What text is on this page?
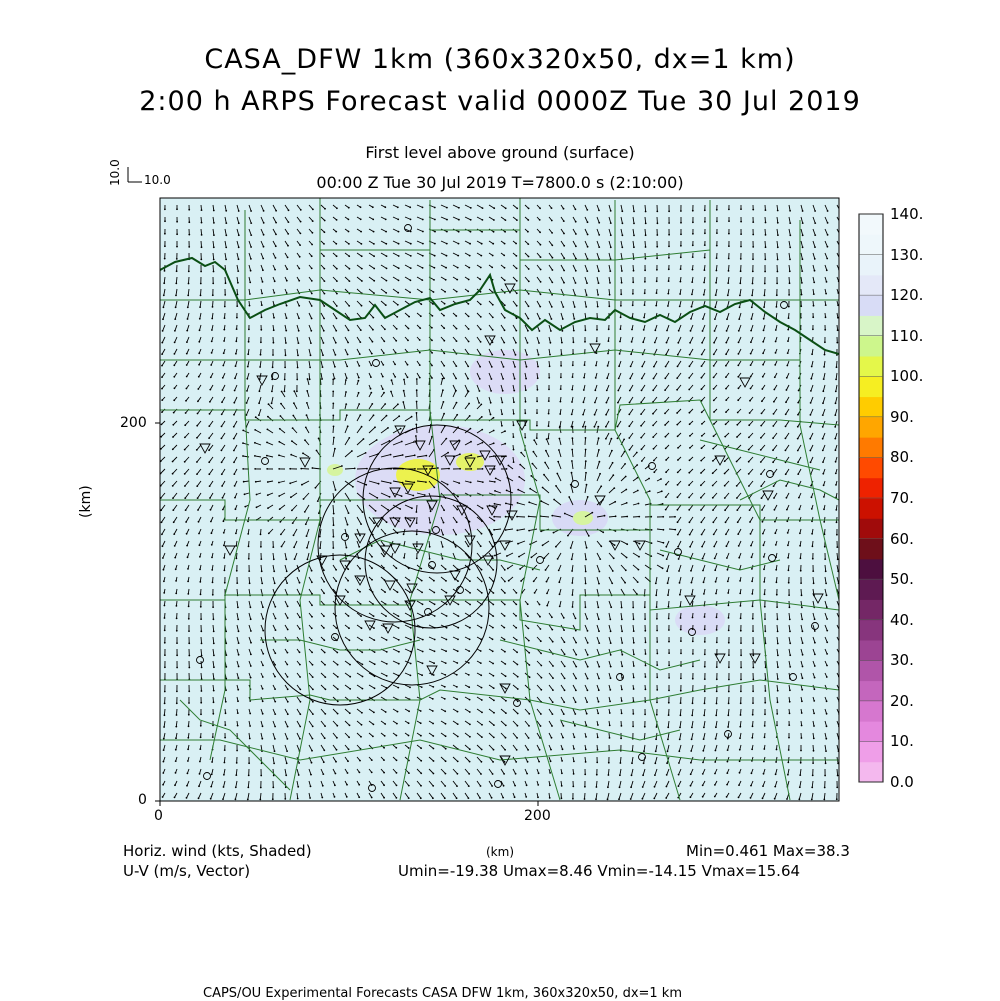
CASA_DFW 1km (360x320x50, dx=1 km)
2:00 h ARPS Forecast valid 0000Z Tue 30 Jul 2019
First level above ground (surface)
00:00 Z Tue 30 Jul 2019 T=7800.0 s (2:10:00)
10.0 10.0
200
0
0	200
(km)
140.
130.
120.
110.
100.
90.
80.
70.
60.
50.
40.
30.
20.
10.
0.0
Horiz. wind (kts, Shaded)
U-V (m/s, Vector)
(km)	Min=0.461 Max=38.3
Umin=-19.38 Umax=8.46 Vmin=-14.15 Vmax=15.64
CAPS/OU Experimental Forecasts CASA DFW 1km, 360x320x50, dx=1 km
